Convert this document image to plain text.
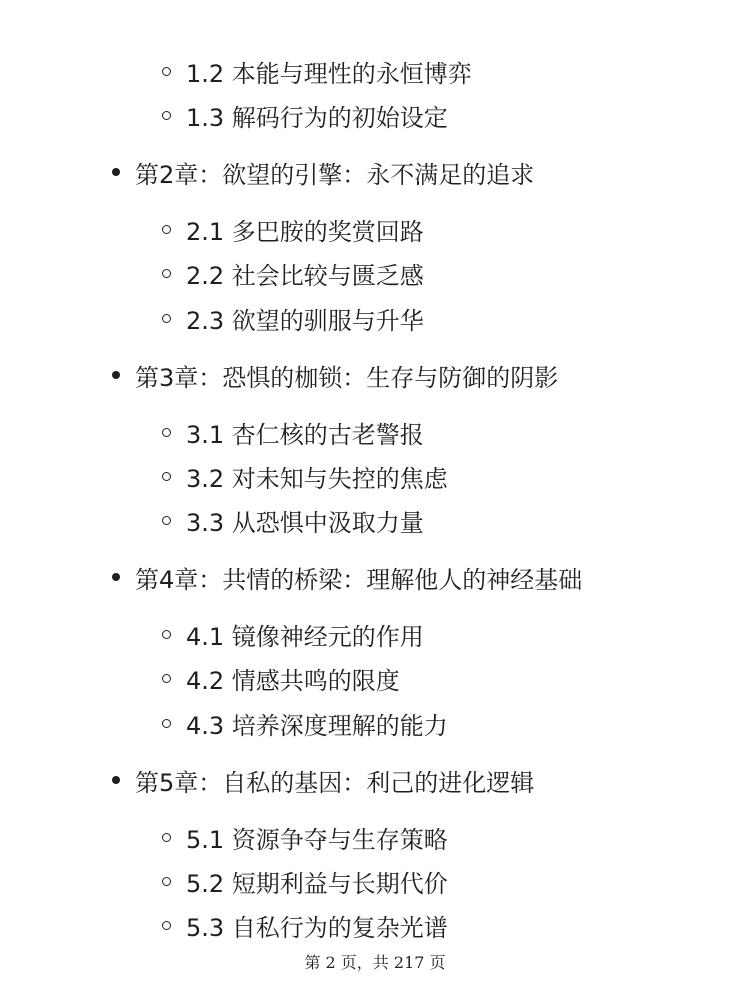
1.2 本能与理性的永恒博弈
1.3 解码行为的初始设定
第2章：欲望的引擎：永不满足的追求
2.1 多巴胺的奖赏回路
2.2 社会比较与匮乏感
2.3 欲望的驯服与升华
第3章：恐惧的枷锁：生存与防御的阴影
3.1 杏仁核的古老警报
3.2 对未知与失控的焦虑
3.3 从恐惧中汲取力量
第4章：共情的桥梁：理解他人的神经基础
4.1 镜像神经元的作用
4.2 情感共鸣的限度
4.3 培养深度理解的能力
第5章：自私的基因：利己的进化逻辑
5.1 资源争夺与生存策略
5.2 短期利益与长期代价
5.3 自私行为的复杂光谱
第 2 页，共 217 页
